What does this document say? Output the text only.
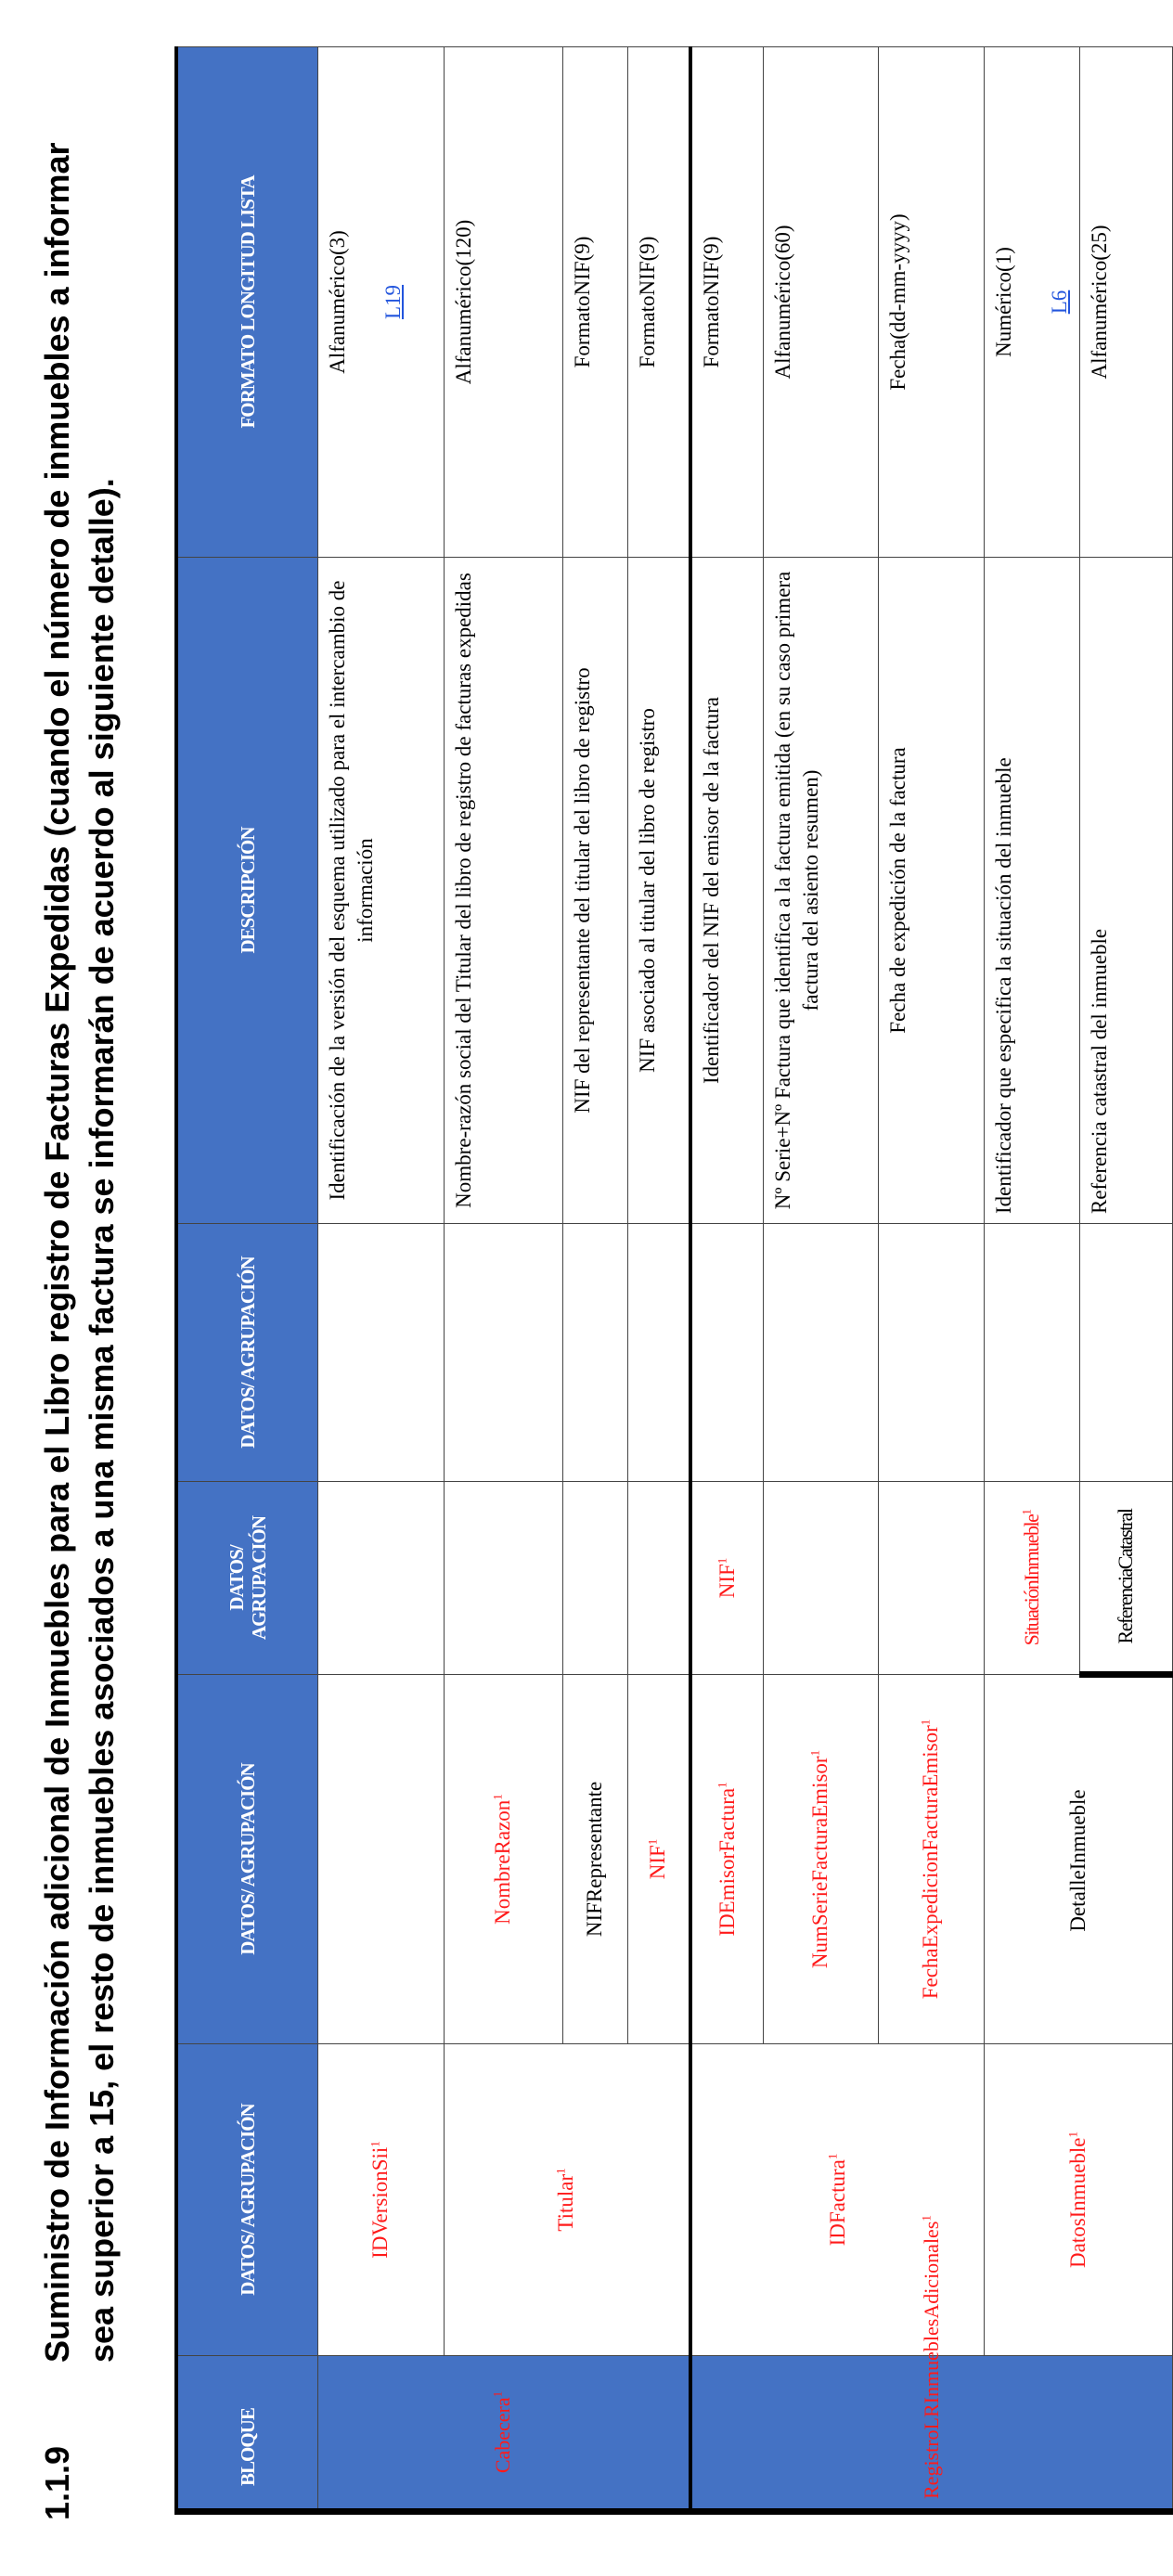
1.1.9
Suministro de Información adicional de Inmuebles para el Libro registro de Facturas Expedidas (cuando el número de inmuebles a informar sea superior a 15, el resto de inmuebles asociados a una misma factura se informarán de acuerdo al siguiente detalle).
BLOQUE	DATOS/ AGRUPACIÓN	DATOS/ AGRUPACIÓN	DATOS/ AGRUPACIÓN	DATOS/ AGRUPACIÓN	DESCRIPCIÓN	FORMATO LONGITUD LISTA
Cabecera$^1$	IDVersionSii$^1$				Identificación de la versión del esquema utilizado para el intercambio de información	Alfanumérico(3) L19

	Titular$^1$	NombreRazon$^1$			Nombre-razón social del Titular del libro de registro de facturas expedidas	Alfanumérico(120)
		NIFRepresentante			NIF del representante del titular del libro de registro	FormatoNIF(9)
		NIF$^1$			NIF asociado al titular del libro de registro	FormatoNIF(9)
RegistroLRInmueblesAdicionales$^1$	IDFactura$^1$	IDEmisorFactura$^1$	NIF$^1$		Identificador del NIF del emisor de la factura	FormatoNIF(9)
		NumSerieFacturaEmisor$^1$			Nº Serie+Nº Factura que identifica a la factura emitida (en su caso primera factura del asiento resumen)	Alfanumérico(60)
		FechaExpedicionFacturaEmisor$^1$			Fecha de expedición de la factura	Fecha(dd-mm-yyyy)
	DatosInmueble$^1$	DetalleInmueble	SituaciónInmueble$^1$		Identificador que especifica la situación del inmueble	Numérico(1) L6

			ReferenciaCatastral		Referencia catastral del inmueble	Alfanumérico(25)
